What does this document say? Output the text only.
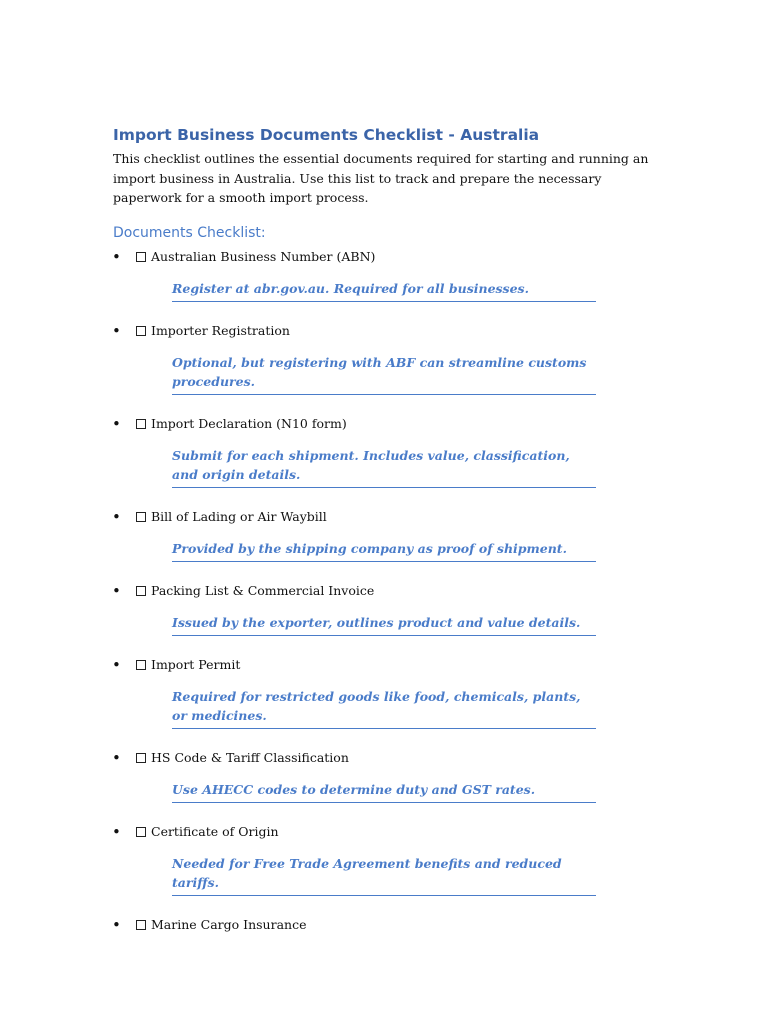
Import Business Documents Checklist - Australia

This checklist outlines the essential documents required for starting and running an import business in Australia. Use this list to track and prepare the necessary paperwork for a smooth import process.

Documents Checklist:
• Australian Business Number (ABN)
Register at abr.gov.au. Required for all businesses.
• Importer Registration
Optional, but registering with ABF can streamline customs procedures.
• Import Declaration (N10 form)
Submit for each shipment. Includes value, classification, and origin details.
• Bill of Lading or Air Waybill
Provided by the shipping company as proof of shipment.
• Packing List & Commercial Invoice
Issued by the exporter, outlines product and value details.
• Import Permit
Required for restricted goods like food, chemicals, plants, or medicines.
• HS Code & Tariff Classification
Use AHECC codes to determine duty and GST rates.
• Certificate of Origin
Needed for Free Trade Agreement benefits and reduced tariffs.
• Marine Cargo Insurance
